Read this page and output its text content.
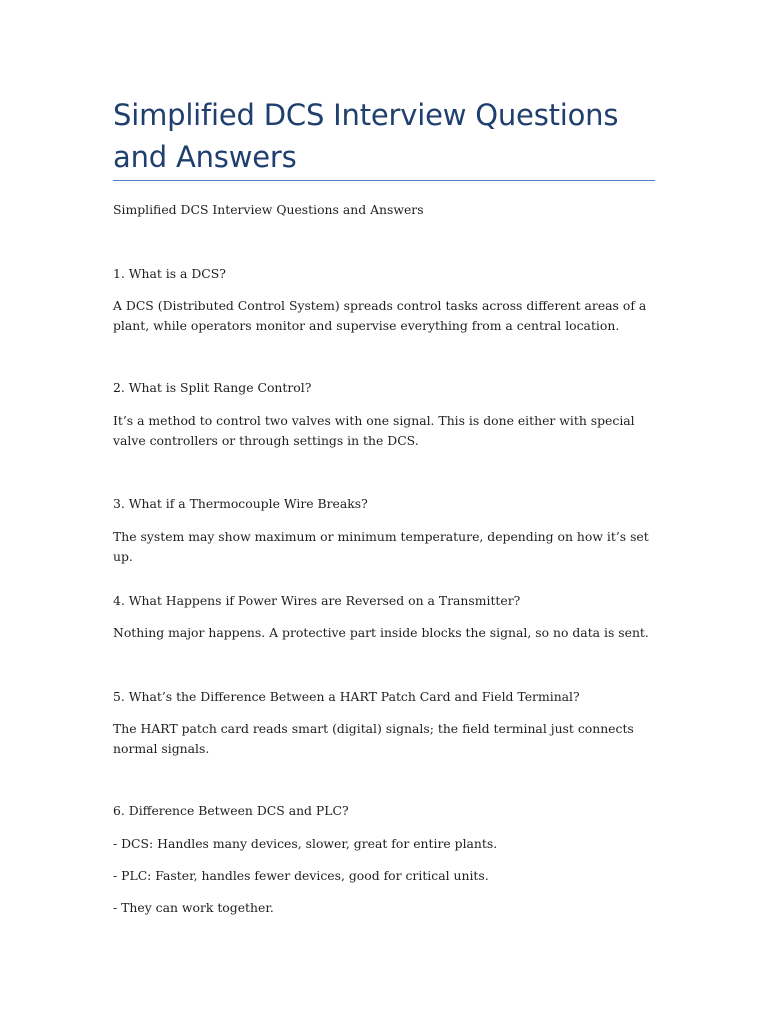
Simplified DCS Interview Questions and Answers

Simplified DCS Interview Questions and Answers

1. What is a DCS?

A DCS (Distributed Control System) spreads control tasks across different areas of a plant, while operators monitor and supervise everything from a central location.

2. What is Split Range Control?

It’s a method to control two valves with one signal. This is done either with special valve controllers or through settings in the DCS.

3. What if a Thermocouple Wire Breaks?

The system may show maximum or minimum temperature, depending on how it’s set up.

4. What Happens if Power Wires are Reversed on a Transmitter?

Nothing major happens. A protective part inside blocks the signal, so no data is sent.

5. What’s the Difference Between a HART Patch Card and Field Terminal?

The HART patch card reads smart (digital) signals; the field terminal just connects normal signals.

6. Difference Between DCS and PLC?

- DCS: Handles many devices, slower, great for entire plants.

- PLC: Faster, handles fewer devices, good for critical units.

- They can work together.
